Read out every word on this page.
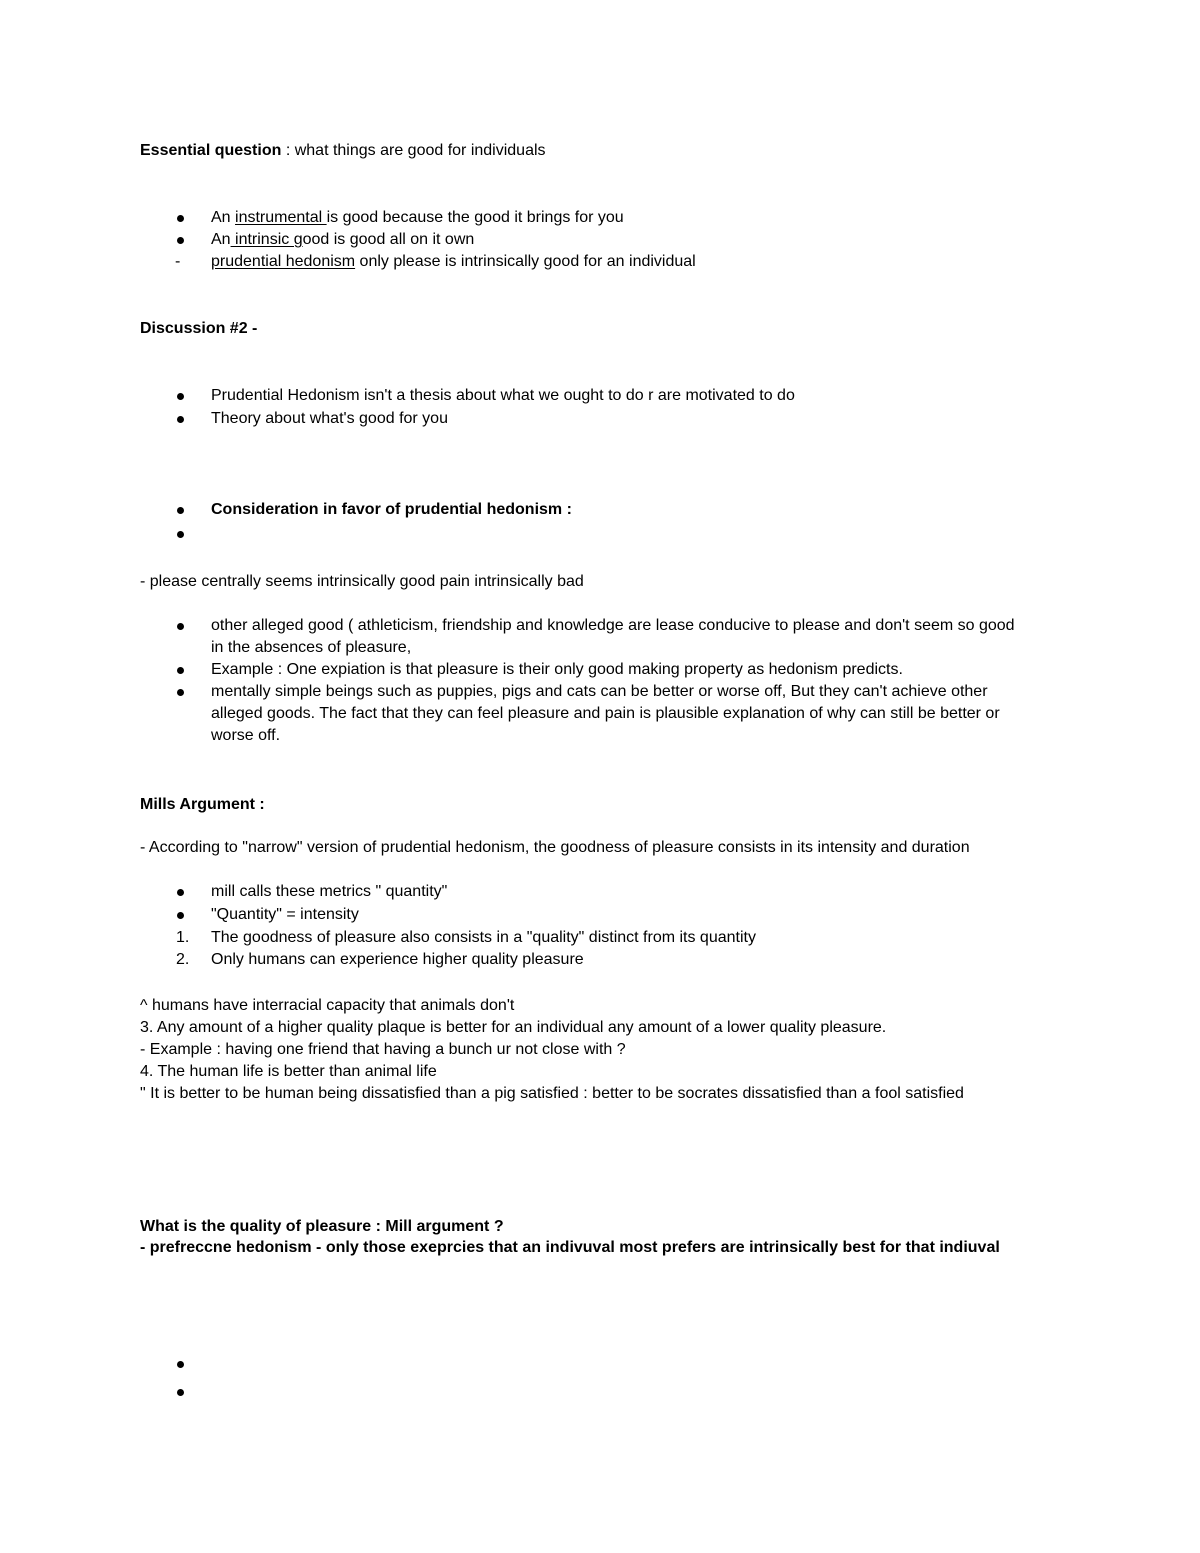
Essential question : what things are good for individuals
An instrumental is good because the good it brings for you
An intrinsic good is good all on it own
- prudential hedonism only please is intrinsically good for an individual
Discussion #2 -
Prudential Hedonism isn't a thesis about what we ought to do r are motivated to do
Theory about what's good for you
Consideration in favor of prudential hedonism :
- please centrally seems intrinsically good pain intrinsically bad
other alleged good ( athleticism, friendship and knowledge are lease conducive to please and don't seem so good
in the absences of pleasure,
Example : One expiation is that pleasure is their only good making property as hedonism predicts.
mentally simple beings such as puppies, pigs and cats can be better or worse off, But they can't achieve other
alleged goods. The fact that they can feel pleasure and pain is plausible explanation of why can still be better or
worse off.
Mills Argument :
- According to "narrow" version of prudential hedonism, the goodness of pleasure consists in its intensity and duration
mill calls these metrics " quantity"
"Quantity" = intensity
1. The goodness of pleasure also consists in a "quality" distinct from its quantity
2. Only humans can experience higher quality pleasure
^ humans have interracial capacity that animals don't
3. Any amount of a higher quality plaque is better for an individual any amount of a lower quality pleasure.
- Example : having one friend that having a bunch ur not close with ?
4. The human life is better than animal life
" It is better to be human being dissatisfied than a pig satisfied : better to be socrates dissatisfied than a fool satisfied
What is the quality of pleasure : Mill argument ?
- prefreccne hedonism - only those exeprcies that an indivuval most prefers are intrinsically best for that indiuval
